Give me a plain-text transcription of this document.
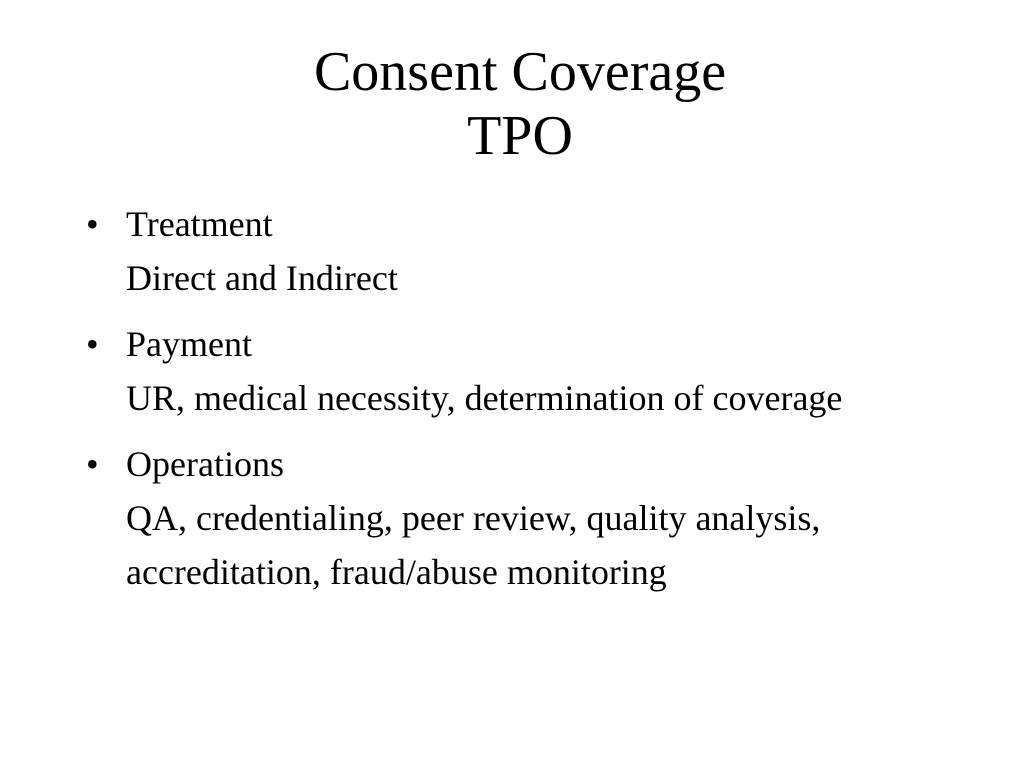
Consent Coverage
TPO
• Treatment
Direct and Indirect
• Payment
UR, medical necessity, determination of coverage
• Operations
QA, credentialing, peer review, quality analysis, accreditation, fraud/abuse monitoring
